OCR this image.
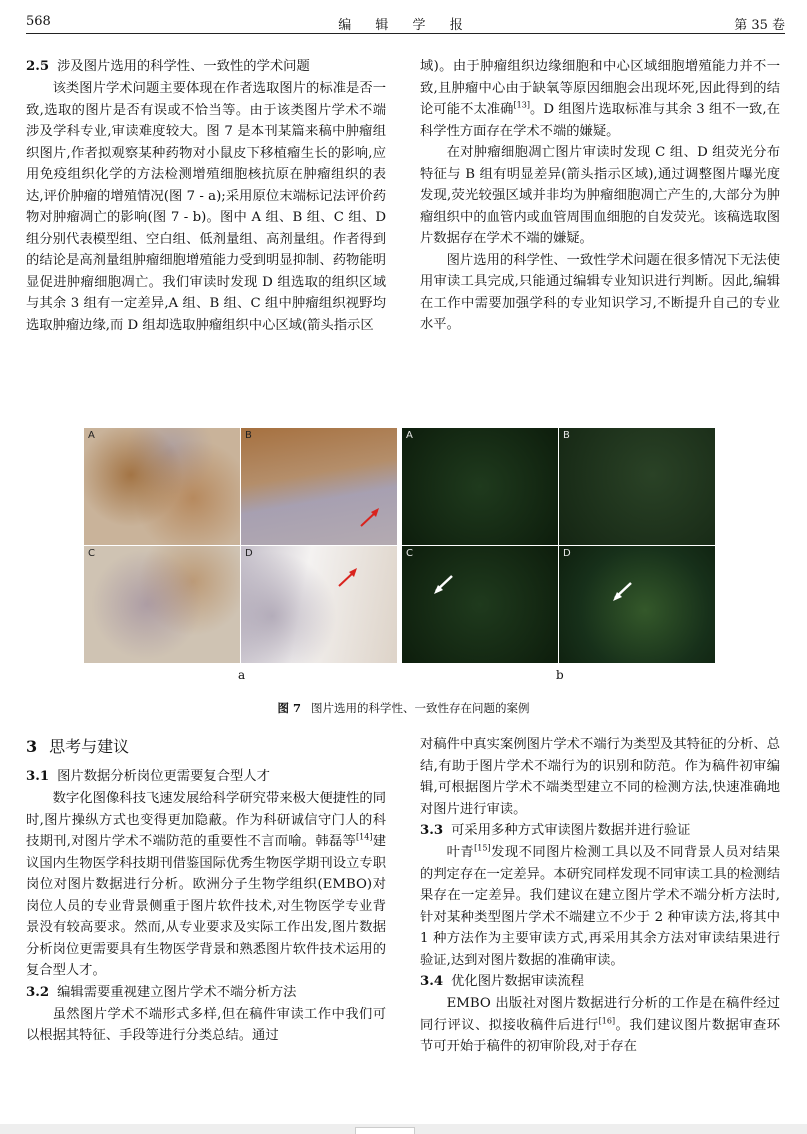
568	编 辑 学 报	第 35 卷
2.5 涉及图片选用的科学性、一致性的学术问题

该类图片学术问题主要体现在作者选取图片的标准是否一致,选取的图片是否有误或不恰当等。由于该类图片学术不端涉及学科专业,审读难度较大。图 7 是本刊某篇来稿中肿瘤组织图片,作者拟观察某种药物对小鼠皮下移植瘤生长的影响,应用免疫组织化学的方法检测增殖细胞核抗原在肿瘤组织的表达,评价肿瘤的增殖情况(图 7 - a);采用原位末端标记法评价药物对肿瘤凋亡的影响(图 7 - b)。图中 A 组、B 组、C 组、D 组分别代表模型组、空白组、低剂量组、高剂量组。作者得到的结论是高剂量组肿瘤细胞增殖能力受到明显抑制、药物能明显促进肿瘤细胞凋亡。我们审读时发现 D 组选取的组织区域与其余 3 组有一定差异,A 组、B 组、C 组中肿瘤组织视野均选取肿瘤边缘,而 D 组却选取肿瘤组织中心区域(箭头指示区

域)。由于肿瘤组织边缘细胞和中心区域细胞增殖能力并不一致,且肿瘤中心由于缺氧等原因细胞会出现坏死,因此得到的结论可能不太准确[13]。D 组图片选取标准与其余 3 组不一致,在科学性方面存在学术不端的嫌疑。

在对肿瘤细胞凋亡图片审读时发现 C 组、D 组荧光分布特征与 B 组有明显差异(箭头指示区域),通过调整图片曝光度发现,荧光较强区域并非均为肿瘤细胞凋亡产生的,大部分为肿瘤组织中的血管内或血管周围血细胞的自发荧光。该稿选取图片数据存在学术不端的嫌疑。

图片选用的科学性、一致性学术问题在很多情况下无法使用审读工具完成,只能通过编辑专业知识进行判断。因此,编辑在工作中需要加强学科的专业知识学习,不断提升自己的专业水平。

A	B
C	D
A	B
C	D
a	b
图 7 图片选用的科学性、一致性存在问题的案例
3 思考与建议
3.1 图片数据分析岗位更需要复合型人才

数字化图像科技飞速发展给科学研究带来极大便捷性的同时,图片操纵方式也变得更加隐蔽。作为科研诚信守门人的科技期刊,对图片学术不端防范的重要性不言而喻。韩磊等[14]建议国内生物医学科技期刊借鉴国际优秀生物医学期刊设立专职岗位对图片数据进行分析。欧洲分子生物学组织(EMBO)对岗位人员的专业背景侧重于图片软件技术,对生物医学专业背景没有较高要求。然而,从专业要求及实际工作出发,图片数据分析岗位更需要具有生物医学背景和熟悉图片软件技术运用的复合型人才。

3.2 编辑需要重视建立图片学术不端分析方法

虽然图片学术不端形式多样,但在稿件审读工作中我们可以根据其特征、手段等进行分类总结。通过

对稿件中真实案例图片学术不端行为类型及其特征的分析、总结,有助于图片学术不端行为的识别和防范。作为稿件初审编辑,可根据图片学术不端类型建立不同的检测方法,快速准确地对图片进行审读。

3.3 可采用多种方式审读图片数据并进行验证

叶青[15]发现不同图片检测工具以及不同背景人员对结果的判定存在一定差异。本研究同样发现不同审读工具的检测结果存在一定差异。我们建议在建立图片学术不端分析方法时,针对某种类型图片学术不端建立不少于 2 种审读方法,将其中 1 种方法作为主要审读方式,再采用其余方法对审读结果进行验证,达到对图片数据的准确审读。

3.4 优化图片数据审读流程

EMBO 出版社对图片数据进行分析的工作是在稿件经过同行评议、拟接收稿件后进行[16]。我们建议图片数据审查环节可开始于稿件的初审阶段,对于存在
